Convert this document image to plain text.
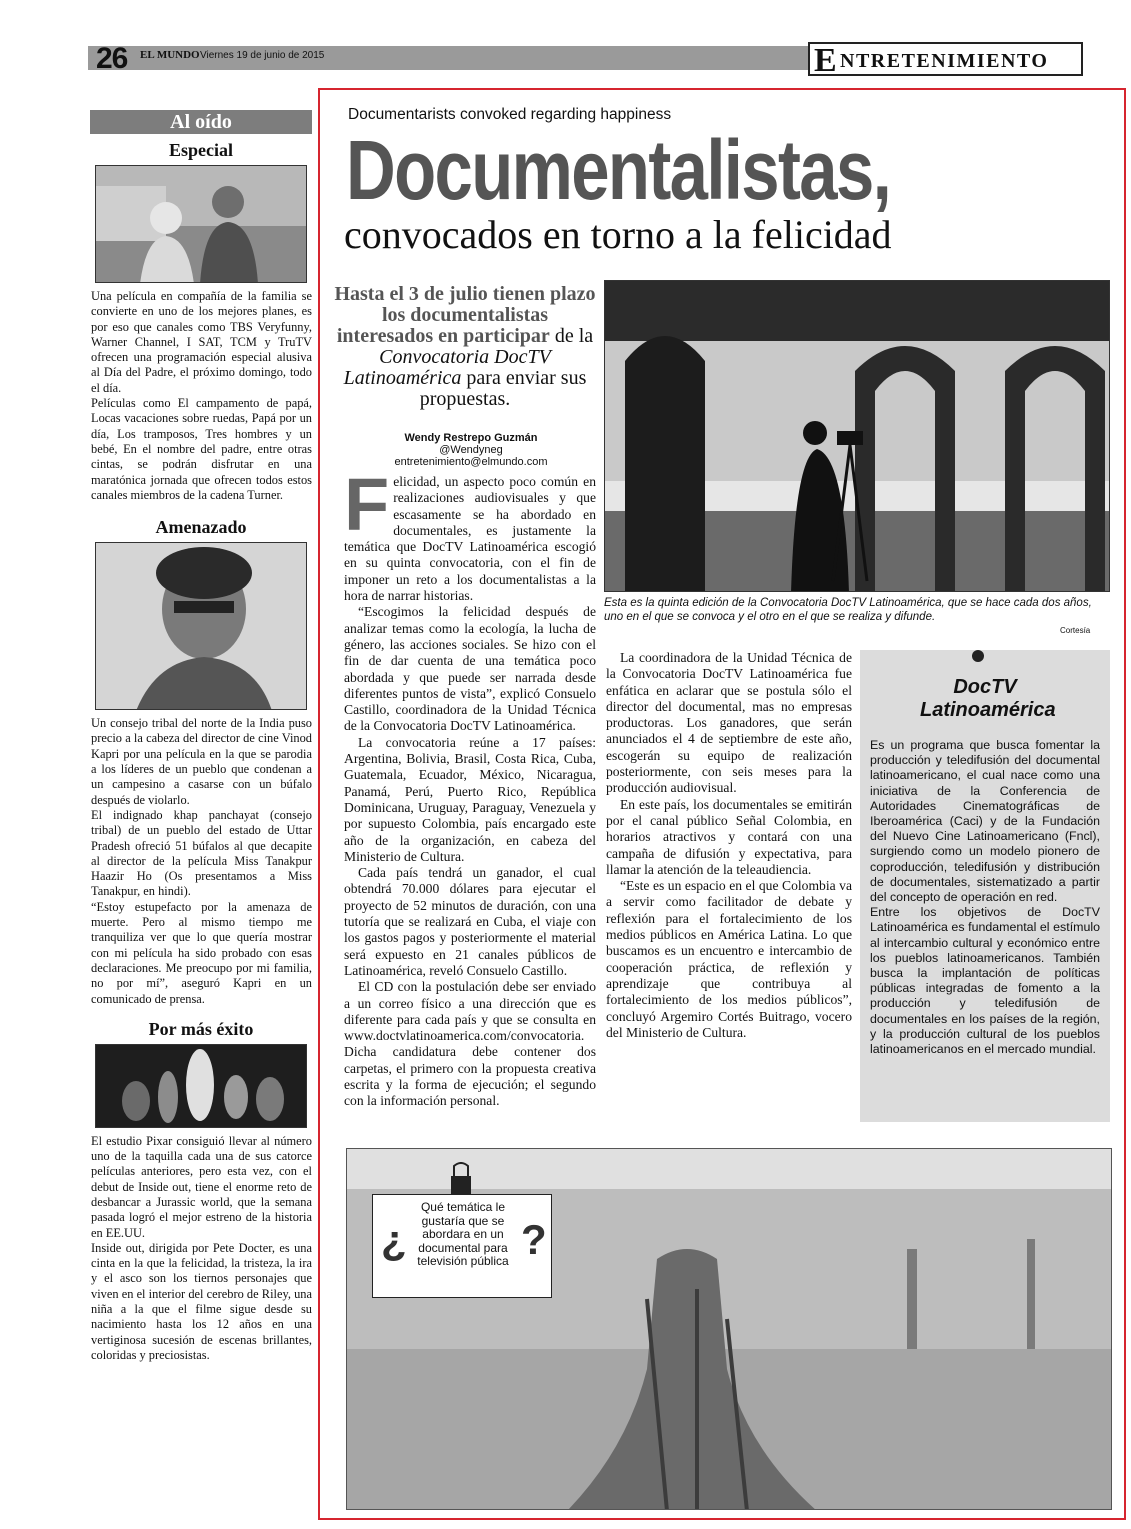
26 EL MUNDO Viernes 19 de junio de 2015	E NTRETENIMIENTO
Al oído
Especial

Una película en compañía de la familia se convierte en uno de los mejores planes, es por eso que canales como TBS Veryfunny, Warner Channel, I SAT, TCM y TruTV ofrecen una programación especial alusiva al Día del Padre, el próximo domingo, todo el día.

Películas como El campamento de papá, Locas vacaciones sobre ruedas, Papá por un día, Los tramposos, Tres hombres y un bebé, En el nombre del padre, entre otras cintas, se podrán disfrutar en una maratónica jornada que ofrecen todos estos canales miembros de la cadena Turner.

Amenazado

Un consejo tribal del norte de la India puso precio a la cabeza del director de cine Vinod Kapri por una película en la que se parodia a los líderes de un pueblo que condenan a un campesino a casarse con un búfalo después de violarlo.

El indignado khap panchayat (consejo tribal) de un pueblo del estado de Uttar Pradesh ofreció 51 búfalos al que decapite al director de la película Miss Tanakpur Haazir Ho (Os presentamos a Miss Tanakpur, en hindi).

“Estoy estupefacto por la amenaza de muerte. Pero al mismo tiempo me tranquiliza ver que lo que quería mostrar con mi película ha sido probado con esas declaraciones. Me preocupo por mi familia, no por mí”, aseguró Kapri en un comunicado de prensa.

Por más éxito

El estudio Pixar consiguió llevar al número uno de la taquilla cada una de sus catorce películas anteriores, pero esta vez, con el debut de Inside out, tiene el enorme reto de desbancar a Jurassic world, que la semana pasada logró el mejor estreno de la historia en EE.UU.

Inside out, dirigida por Pete Docter, es una cinta en la que la felicidad, la tristeza, la ira y el asco son los tiernos personajes que viven en el interior del cerebro de Riley, una niña a la que el filme sigue desde su nacimiento hasta los 12 años en una vertiginosa sucesión de escenas brillantes, coloridas y preciosistas.

Documentarists convoked regarding happiness
Documentalistas,
convocados en torno a la felicidad
Hasta el 3 de julio tienen plazo los documentalistas interesados en participar de la Convocatoria DocTV Latinoamérica para enviar sus propuestas.
Wendy Restrepo Guzmán
@Wendyneg
entretenimiento@elmundo.com

Felicidad, un aspecto poco común en realizaciones audiovisuales y que escasamente se ha abordado en documentales, es justamente la temática que DocTV Latinoamérica escogió en su quinta convocatoria, con el fin de imponer un reto a los documentalistas a la hora de narrar historias.

“Escogimos la felicidad después de analizar temas como la ecología, la lucha de género, las acciones sociales. Se hizo con el fin de dar cuenta de una temática poco abordada y que puede ser narrada desde diferentes puntos de vista”, explicó Consuelo Castillo, coordinadora de la Unidad Técnica de la Convocatoria DocTV Latinoamérica.

La convocatoria reúne a 17 países: Argentina, Bolivia, Brasil, Costa Rica, Cuba, Guatemala, Ecuador, México, Nicaragua, Panamá, Perú, Puerto Rico, República Dominicana, Uruguay, Paraguay, Venezuela y por supuesto Colombia, país encargado este año de la organización, en cabeza del Ministerio de Cultura.

Cada país tendrá un ganador, el cual obtendrá 70.000 dólares para ejecutar el proyecto de 52 minutos de duración, con una tutoría que se realizará en Cuba, el viaje con los gastos pagos y posteriormente el material será expuesto en 21 canales públicos de Latinoamérica, reveló Consuelo Castillo.

El CD con la postulación debe ser enviado a un correo físico a una dirección que es diferente para cada país y que se consulta en www.doctvlatinoamerica.com/convocatoria. Dicha candidatura debe contener dos carpetas, el primero con la propuesta creativa escrita y la forma de ejecución; el segundo con la información personal.

Esta es la quinta edición de la Convocatoria DocTV Latinoamérica, que se hace cada dos años, uno en el que se convoca y el otro en el que se realiza y difunde.
Cortesía

La coordinadora de la Unidad Técnica de la Convocatoria DocTV Latinoamérica fue enfática en aclarar que se postula sólo el director del documental, mas no empresas productoras. Los ganadores, que serán anunciados el 4 de septiembre de este año, escogerán su equipo de realización posteriormente, con seis meses para la producción audiovisual.

En este país, los documentales se emitirán por el canal público Señal Colombia, en horarios atractivos y contará con una campaña de difusión y expectativa, para llamar la atención de la teleaudiencia.

“Este es un espacio en el que Colombia va a servir como facilitador de debate y reflexión para el fortalecimiento de los medios públicos en América Latina. Lo que buscamos es un encuentro e intercambio de cooperación práctica, de reflexión y aprendizaje que contribuya al fortalecimiento de los medios públicos”, concluyó Argemiro Cortés Buitrago, vocero del Ministerio de Cultura.

DocTV Latinoamérica

Es un programa que busca fomentar la producción y teledifusión del documental latinoamericano, el cual nace como una iniciativa de la Conferencia de Autoridades Cinematográficas de Iberoamérica (Caci) y de la Fundación del Nuevo Cine Latinoamericano (Fncl), surgiendo como un modelo pionero de coproducción, teledifusión y distribución de documentales, sistematizado a partir del concepto de operación en red.

Entre los objetivos de DocTV Latinoamérica es fundamental el estímulo al intercambio cultural y económico entre los pueblos latinoamericanos. También busca la implantación de políticas públicas integradas de fomento a la producción y teledifusión de documentales en los países de la región, y la producción cultural de los pueblos latinoamericanos en el mercado mundial.

¿
Qué temática le gustaría que se abordara en un documental para televisión pública ?
